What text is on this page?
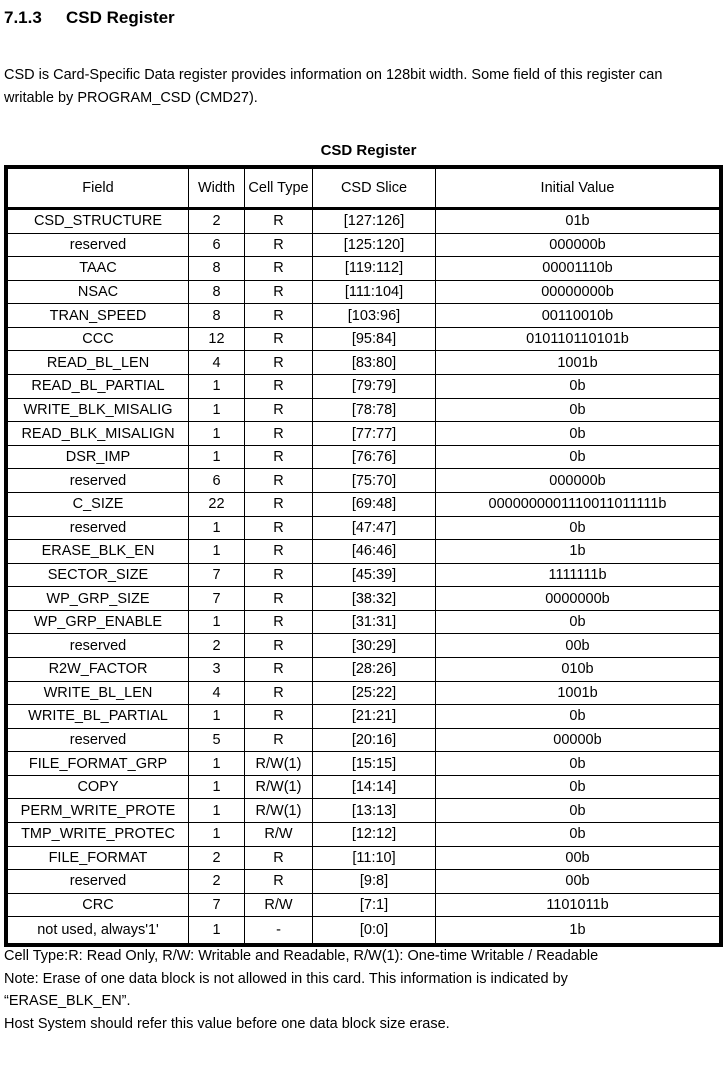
7.1.3 CSD Register
CSD is Card-Specific Data register provides information on 128bit width. Some field of this register can
writable by PROGRAM_CSD (CMD27).
CSD Register
Field	Width	Cell Type	CSD Slice	Initial Value
CSD_STRUCTURE	2	R	[127:126]	01b
reserved	6	R	[125:120]	000000b
TAAC	8	R	[119:112]	00001110b
NSAC	8	R	[111:104]	00000000b
TRAN_SPEED	8	R	[103:96]	00110010b
CCC	12	R	[95:84]	010110110101b
READ_BL_LEN	4	R	[83:80]	1001b
READ_BL_PARTIAL	1	R	[79:79]	0b
WRITE_BLK_MISALIG	1	R	[78:78]	0b
READ_BLK_MISALIGN	1	R	[77:77]	0b
DSR_IMP	1	R	[76:76]	0b
reserved	6	R	[75:70]	000000b
C_SIZE	22	R	[69:48]	0000000001110011011111b
reserved	1	R	[47:47]	0b
ERASE_BLK_EN	1	R	[46:46]	1b
SECTOR_SIZE	7	R	[45:39]	1111111b
WP_GRP_SIZE	7	R	[38:32]	0000000b
WP_GRP_ENABLE	1	R	[31:31]	0b
reserved	2	R	[30:29]	00b
R2W_FACTOR	3	R	[28:26]	010b
WRITE_BL_LEN	4	R	[25:22]	1001b
WRITE_BL_PARTIAL	1	R	[21:21]	0b
reserved	5	R	[20:16]	00000b
FILE_FORMAT_GRP	1	R/W(1)	[15:15]	0b
COPY	1	R/W(1)	[14:14]	0b
PERM_WRITE_PROTE	1	R/W(1)	[13:13]	0b
TMP_WRITE_PROTEC	1	R/W	[12:12]	0b
FILE_FORMAT	2	R	[11:10]	00b
reserved	2	R	[9:8]	00b
CRC	7	R/W	[7:1]	1101011b
not used, always'1'	1	-	[0:0]	1b
Cell Type:R: Read Only, R/W: Writable and Readable, R/W(1): One-time Writable / Readable
Note: Erase of one data block is not allowed in this card. This information is indicated by
“ERASE_BLK_EN”.
Host System should refer this value before one data block size erase.
